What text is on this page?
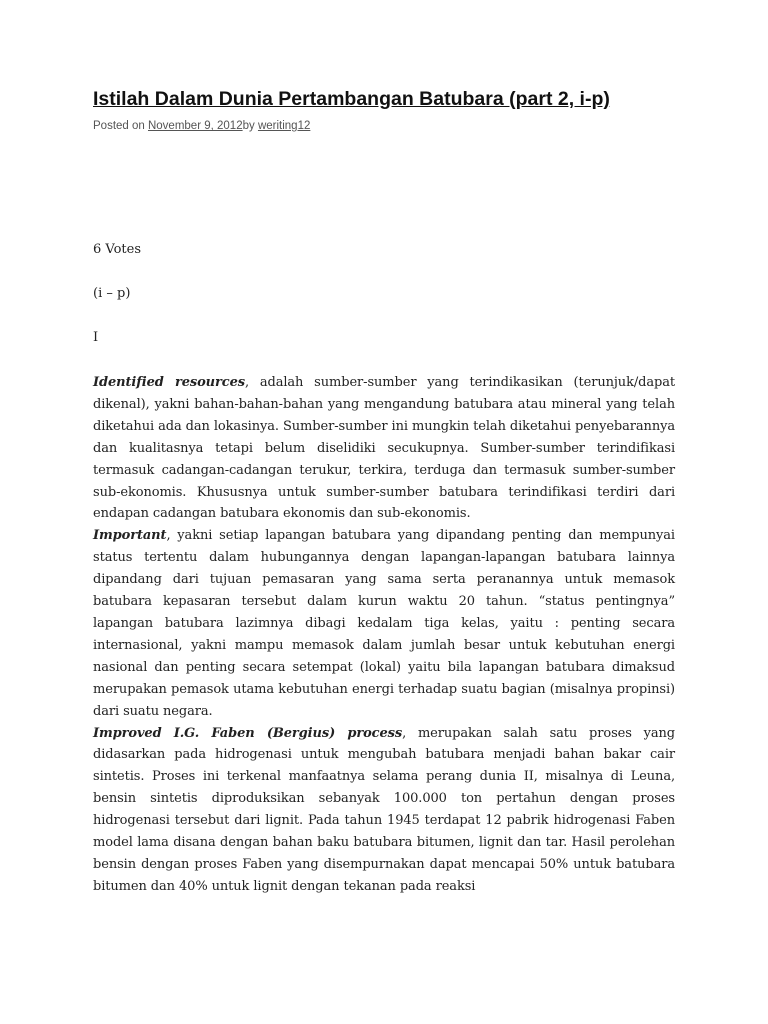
Istilah Dalam Dunia Pertambangan Batubara (part 2, i-p)
Posted on November 9, 2012by weriting12

6 Votes

(i – p)

I

Identified resources, adalah sumber-sumber yang terindikasikan (terunjuk/dapat dikenal), yakni bahan-bahan-bahan yang mengandung batubara atau mineral yang telah diketahui ada dan lokasinya. Sumber-sumber ini mungkin telah diketahui penyebarannya dan kualitasnya tetapi belum diselidiki secukupnya. Sumber-sumber terindifikasi termasuk cadangan-cadangan terukur, terkira, terduga dan termasuk sumber-sumber sub-ekonomis. Khususnya untuk sumber-sumber batubara terindifikasi terdiri dari endapan cadangan batubara ekonomis dan sub-ekonomis.

Important, yakni setiap lapangan batubara yang dipandang penting dan mempunyai status tertentu dalam hubungannya dengan lapangan-lapangan batubara lainnya dipandang dari tujuan pemasaran yang sama serta peranannya untuk memasok batubara kepasaran tersebut dalam kurun waktu 20 tahun. “status pentingnya” lapangan batubara lazimnya dibagi kedalam tiga kelas, yaitu : penting secara internasional, yakni mampu memasok dalam jumlah besar untuk kebutuhan energi nasional dan penting secara setempat (lokal) yaitu bila lapangan batubara dimaksud merupakan pemasok utama kebutuhan energi terhadap suatu bagian (misalnya propinsi) dari suatu negara.

Improved I.G. Faben (Bergius) process, merupakan salah satu proses yang didasarkan pada hidrogenasi untuk mengubah batubara menjadi bahan bakar cair sintetis. Proses ini terkenal manfaatnya selama perang dunia II, misalnya di Leuna, bensin sintetis diproduksikan sebanyak 100.000 ton pertahun dengan proses hidrogenasi tersebut dari lignit. Pada tahun 1945 terdapat 12 pabrik hidrogenasi Faben model lama disana dengan bahan baku batubara bitumen, lignit dan tar. Hasil perolehan bensin dengan proses Faben yang disempurnakan dapat mencapai 50% untuk batubara bitumen dan 40% untuk lignit dengan tekanan pada reaksi
